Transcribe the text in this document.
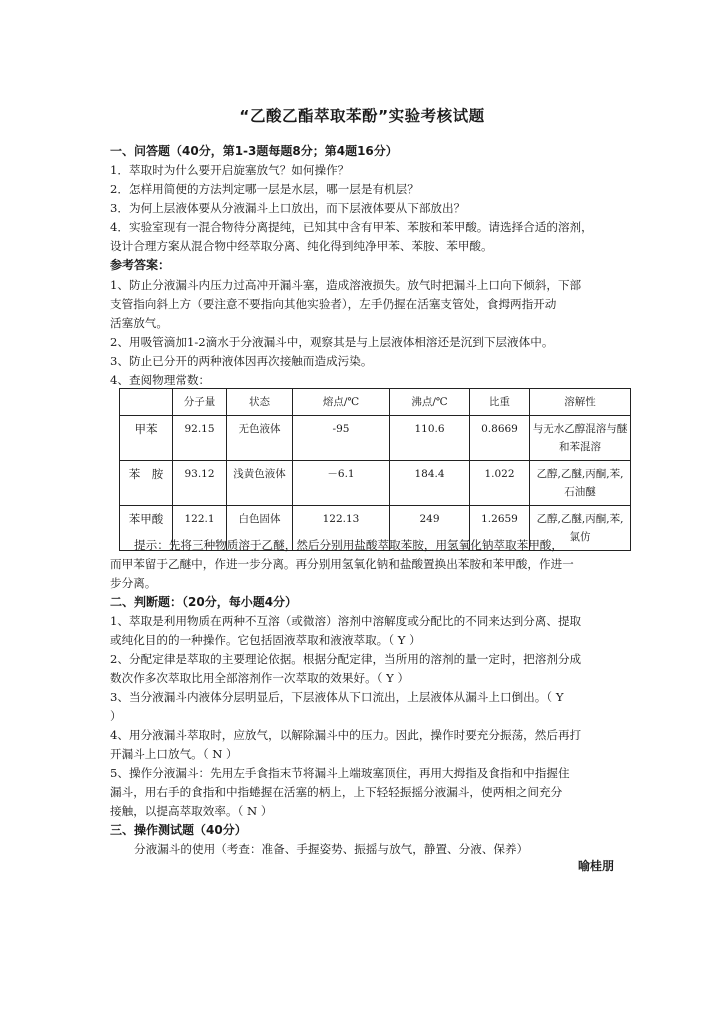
“乙酸乙酯萃取苯酚”实验考核试题
一、问答题（40分，第1-3题每题8分；第4题16分）
1．萃取时为什么要开启旋塞放气？如何操作？
2．怎样用简便的方法判定哪一层是水层，哪一层是有机层？
3．为何上层液体要从分液漏斗上口放出，而下层液体要从下部放出？
4．实验室现有一混合物待分离提纯，已知其中含有甲苯、苯胺和苯甲酸。请选择合适的溶剂，
设计合理方案从混合物中经萃取分离、纯化得到纯净甲苯、苯胺、苯甲酸。
参考答案：
1、防止分液漏斗内压力过高冲开漏斗塞，造成溶液损失。放气时把漏斗上口向下倾斜，下部
支管指向斜上方（要注意不要指向其他实验者），左手仍握在活塞支管处，食拇两指开动
活塞放气。
2、用吸管滴加1-2滴水于分液漏斗中，观察其是与上层液体相溶还是沉到下层液体中。
3、防止已分开的两种液体因再次接触而造成污染。
4、查阅物理常数：
	分子量	状态	熔点/℃	沸点/℃	比重	溶解性
甲苯	92.15	无色液体	-95	110.6	0.8669	与无水乙醇混溶与醚和苯混溶
苯　胺	93.12	浅黄色液体	－6.1	184.4	1.022	乙醇,乙醚,丙酮,苯,石油醚
苯甲酸	122.1	白色固体	122.13	249	1.2659	乙醇,乙醚,丙酮,苯,氯仿
提示：先将三种物质溶于乙醚，然后分别用盐酸萃取苯胺，用氢氧化钠萃取苯甲酸，
而甲苯留于乙醚中，作进一步分离。再分别用氢氧化钠和盐酸置换出苯胺和苯甲酸，作进一
步分离。
二、判断题：（20分，每小题4分）
1、萃取是利用物质在两种不互溶（或微溶）溶剂中溶解度或分配比的不同来达到分离、提取
或纯化目的的一种操作。它包括固液萃取和液液萃取。（ Y ）
2、分配定律是萃取的主要理论依据。根据分配定律，当所用的溶剂的量一定时，把溶剂分成
数次作多次萃取比用全部溶剂作一次萃取的效果好。（ Y ）
3、当分液漏斗内液体分层明显后，下层液体从下口流出，上层液体从漏斗上口倒出。（ Y
）
4、用分液漏斗萃取时，应放气，以解除漏斗中的压力。因此，操作时要充分振荡，然后再打
开漏斗上口放气。（ N ）
5、操作分液漏斗：先用左手食指末节将漏斗上端玻塞顶住，再用大拇指及食指和中指握住
漏斗，用右手的食指和中指蜷握在活塞的柄上，上下轻轻振摇分液漏斗，使两相之间充分
接触，以提高萃取效率。（ N ）
三、操作测试题（40分）
分液漏斗的使用（考查：准备、手握姿势、振摇与放气，静置、分液、保养）
喻桂朋
